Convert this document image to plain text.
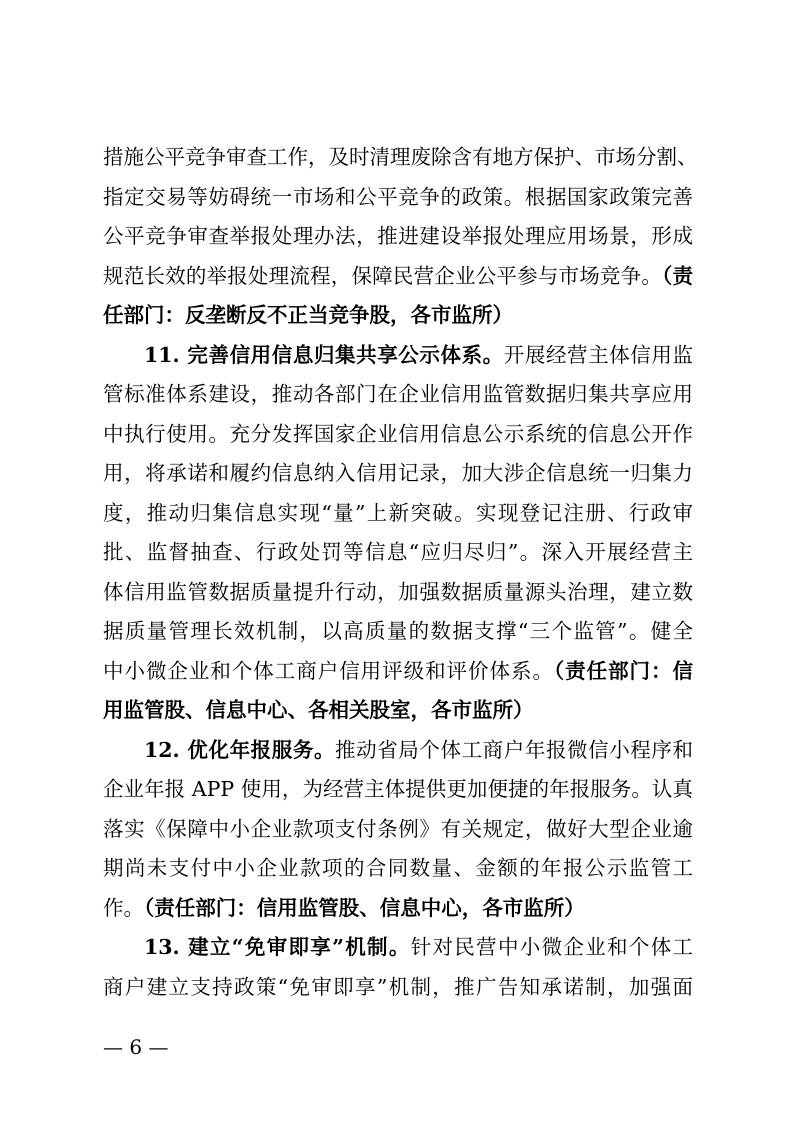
措施公平竞争审查工作，及时清理废除含有地方保护、市场分割、
指定交易等妨碍统一市场和公平竞争的政策。根据国家政策完善
公平竞争审查举报处理办法，推进建设举报处理应用场景，形成
规范长效的举报处理流程，保障民营企业公平参与市场竞争。（责
任部门：反垄断反不正当竞争股，各市监所）
11. 完善信用信息归集共享公示体系。开展经营主体信用监
管标准体系建设，推动各部门在企业信用监管数据归集共享应用
中执行使用。充分发挥国家企业信用信息公示系统的信息公开作
用，将承诺和履约信息纳入信用记录，加大涉企信息统一归集力
度，推动归集信息实现“量”上新突破。实现登记注册、行政审
批、监督抽查、行政处罚等信息“应归尽归”。深入开展经营主
体信用监管数据质量提升行动，加强数据质量源头治理，建立数
据质量管理长效机制，以高质量的数据支撑“三个监管”。健全
中小微企业和个体工商户信用评级和评价体系。（责任部门：信
用监管股、信息中心、各相关股室，各市监所）
12. 优化年报服务。推动省局个体工商户年报微信小程序和
企业年报 APP 使用，为经营主体提供更加便捷的年报服务。认真
落实《保障中小企业款项支付条例》有关规定，做好大型企业逾
期尚未支付中小企业款项的合同数量、金额的年报公示监管工
作。（责任部门：信用监管股、信息中心，各市监所）
13. 建立“免审即享”机制。针对民营中小微企业和个体工
商户建立支持政策“免审即享”机制，推广告知承诺制，加强面
— 6 —
